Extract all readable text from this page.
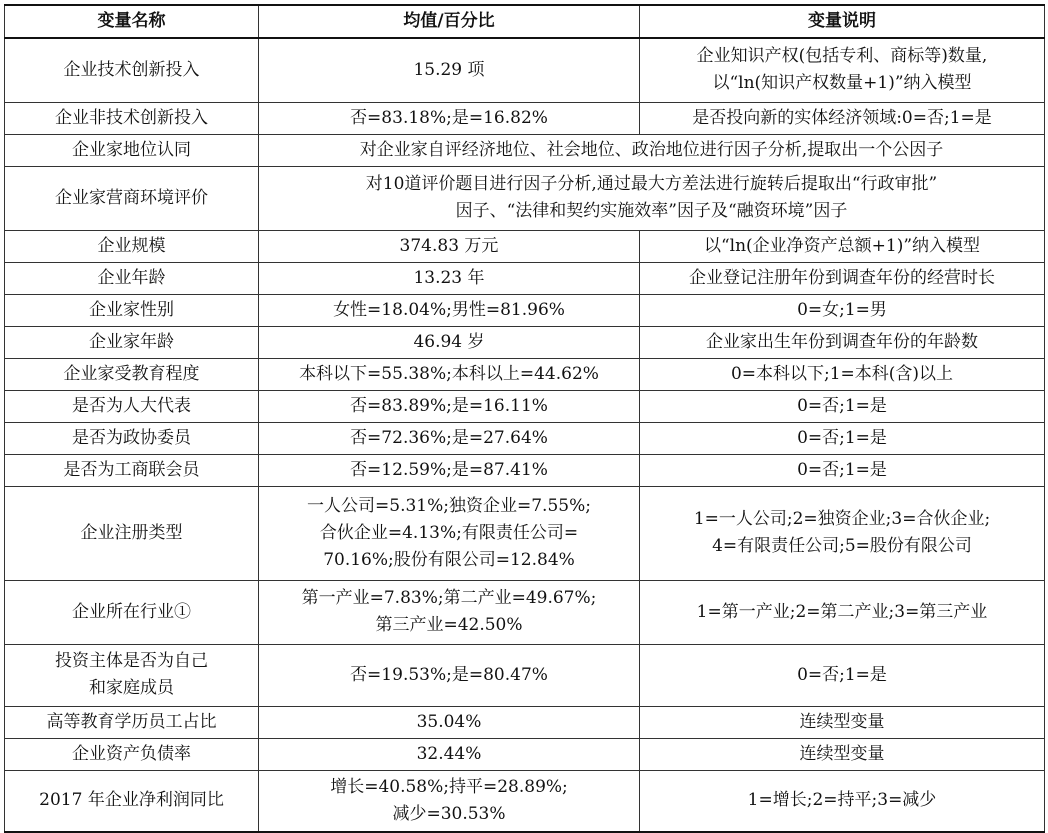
变量名称	均值/百分比	变量说明
企业技术创新投入	15.29 项	企业知识产权(包括专利、商标等)数量,
以“ln(知识产权数量+1)”纳入模型
企业非技术创新投入	否=83.18%;是=16.82%	是否投向新的实体经济领域:0=否;1=是
企业家地位认同	对企业家自评经济地位、社会地位、政治地位进行因子分析,提取出一个公因子	
企业家营商环境评价	对10道评价题目进行因子分析,通过最大方差法进行旋转后提取出“行政审批”
因子、“法律和契约实施效率”因子及“融资环境”因子	
企业规模	374.83 万元	以“ln(企业净资产总额+1)”纳入模型
企业年龄	13.23 年	企业登记注册年份到调查年份的经营时长
企业家性别	女性=18.04%;男性=81.96%	0=女;1=男
企业家年龄	46.94 岁	企业家出生年份到调查年份的年龄数
企业家受教育程度	本科以下=55.38%;本科以上=44.62%	0=本科以下;1=本科(含)以上
是否为人大代表	否=83.89%;是=16.11%	0=否;1=是
是否为政协委员	否=72.36%;是=27.64%	0=否;1=是
是否为工商联会员	否=12.59%;是=87.41%	0=否;1=是
企业注册类型	一人公司=5.31%;独资企业=7.55%;
合伙企业=4.13%;有限责任公司=
70.16%;股份有限公司=12.84%	1=一人公司;2=独资企业;3=合伙企业;
4=有限责任公司;5=股份有限公司
企业所在行业①	第一产业=7.83%;第二产业=49.67%;
第三产业=42.50%	1=第一产业;2=第二产业;3=第三产业
投资主体是否为自己
和家庭成员	否=19.53%;是=80.47%	0=否;1=是
高等教育学历员工占比	35.04%	连续型变量
企业资产负债率	32.44%	连续型变量
2017 年企业净利润同比	增长=40.58%;持平=28.89%;
减少=30.53%	1=增长;2=持平;3=减少
